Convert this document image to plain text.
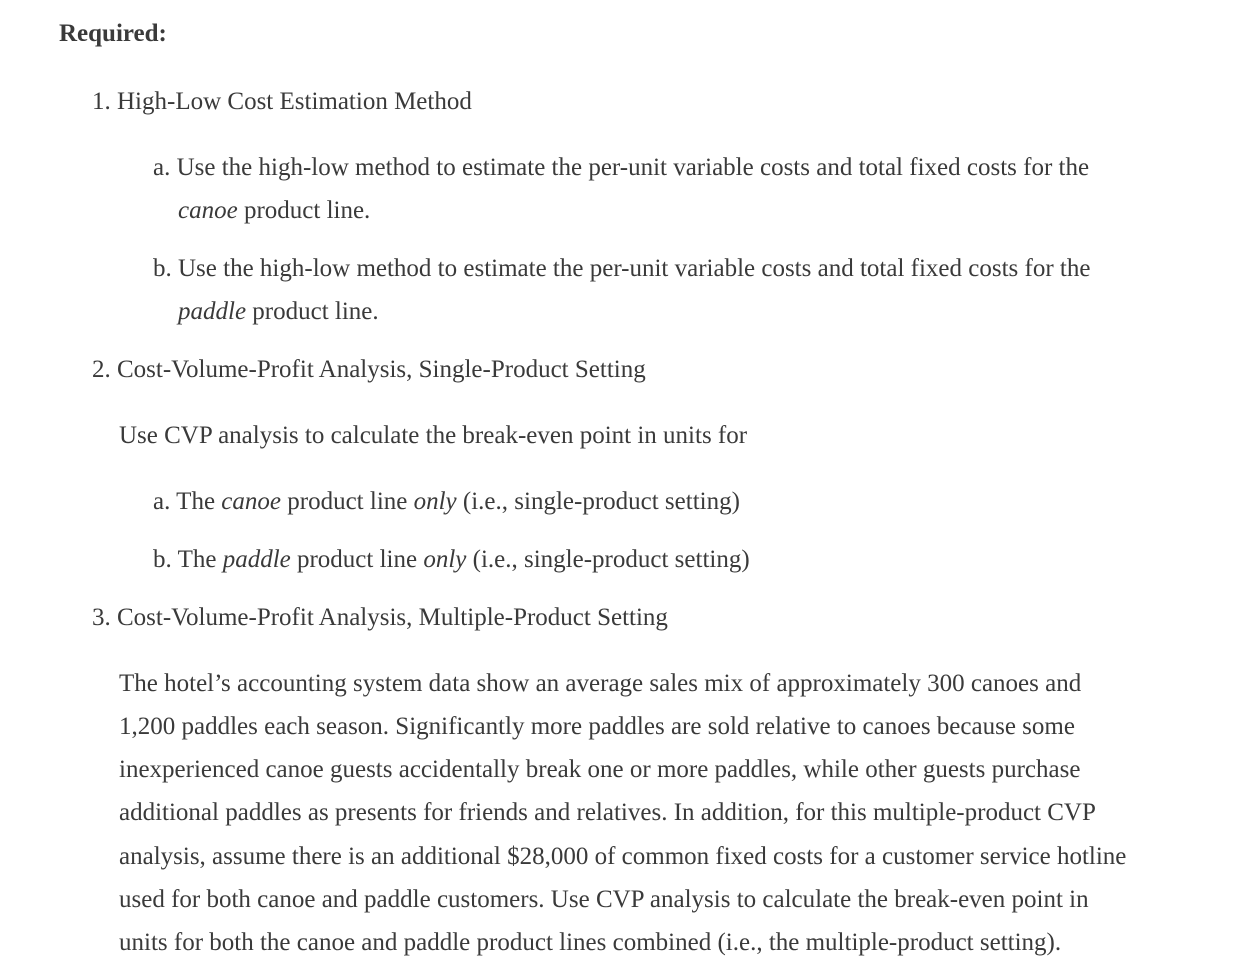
Required:
1. High-Low Cost Estimation Method
a. Use the high-low method to estimate the per-unit variable costs and total fixed costs for the
canoe product line.
b. Use the high-low method to estimate the per-unit variable costs and total fixed costs for the
paddle product line.
2. Cost-Volume-Profit Analysis, Single-Product Setting
Use CVP analysis to calculate the break-even point in units for
a. The canoe product line only (i.e., single-product setting)
b. The paddle product line only (i.e., single-product setting)
3. Cost-Volume-Profit Analysis, Multiple-Product Setting
The hotel’s accounting system data show an average sales mix of approximately 300 canoes and
1,200 paddles each season. Significantly more paddles are sold relative to canoes because some
inexperienced canoe guests accidentally break one or more paddles, while other guests purchase
additional paddles as presents for friends and relatives. In addition, for this multiple-product CVP
analysis, assume there is an additional $28,000 of common fixed costs for a customer service hotline
used for both canoe and paddle customers. Use CVP analysis to calculate the break-even point in
units for both the canoe and paddle product lines combined (i.e., the multiple-product setting).
